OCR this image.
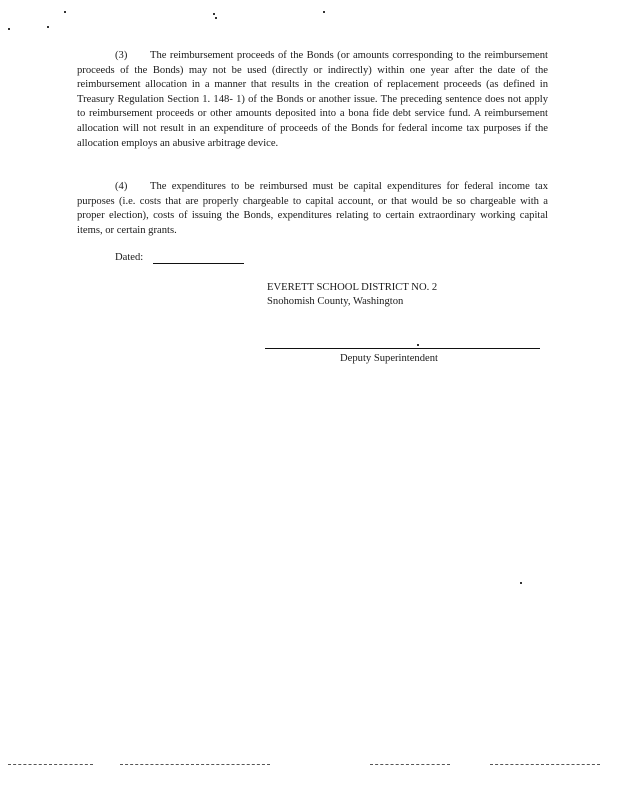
(3) The reimbursement proceeds of the Bonds (or amounts corresponding to the reimbursement proceeds of the Bonds) may not be used (directly or indirectly) within one year after the date of the reimbursement allocation in a manner that results in the creation of replacement proceeds (as defined in Treasury Regulation Section 1. 148- 1) of the Bonds or another issue. The preceding sentence does not apply to reimbursement proceeds or other amounts deposited into a bona fide debt service fund. A reimbursement allocation will not result in an expenditure of proceeds of the Bonds for federal income tax purposes if the allocation employs an abusive arbitrage device.

(4) The expenditures to be reimbursed must be capital expenditures for federal income tax purposes (i.e. costs that are properly chargeable to capital account, or that would be so chargeable with a proper election), costs of issuing the Bonds, expenditures relating to certain extraordinary working capital items, or certain grants.

Dated:
EVERETT SCHOOL DISTRICT NO. 2
Snohomish County, Washington
Deputy Superintendent
